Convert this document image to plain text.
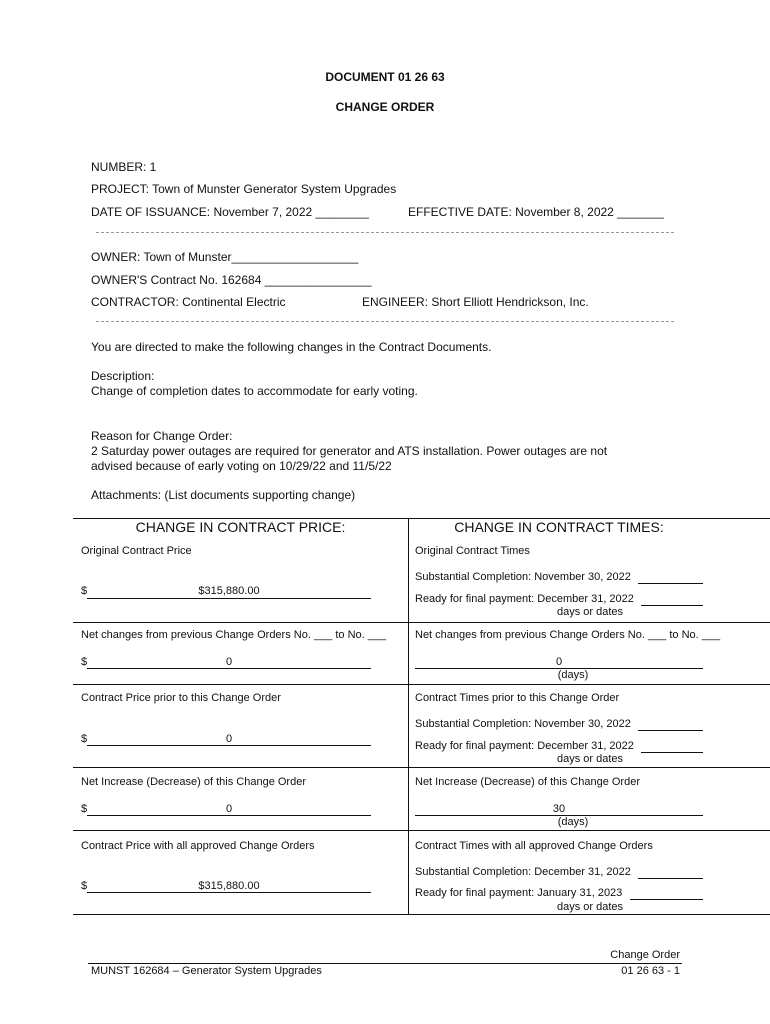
DOCUMENT 01 26 63
CHANGE ORDER
NUMBER: 1
PROJECT: Town of Munster Generator System Upgrades
DATE OF ISSUANCE: November 7, 2022 ________	EFFECTIVE DATE: November 8, 2022 _______
OWNER: Town of Munster___________________
OWNER'S Contract No. 162684 ________________
CONTRACTOR: Continental Electric	ENGINEER: Short Elliott Hendrickson, Inc.
You are directed to make the following changes in the Contract Documents.
Description:
Change of completion dates to accommodate for early voting.
Reason for Change Order:
2 Saturday power outages are required for generator and ATS installation. Power outages are not
advised because of early voting on 10/29/22 and 11/5/22
Attachments: (List documents supporting change)
CHANGE IN CONTRACT PRICE:	CHANGE IN CONTRACT TIMES:
Original Contract Price
$	$315,880.00
Original Contract Times
Substantial Completion: November 30, 2022
Ready for final payment: December 31, 2022
days or dates
Net changes from previous Change Orders No. ___ to No. ___
$	0
Net changes from previous Change Orders No. ___ to No. ___
0
(days)
Contract Price prior to this Change Order
$	0
Contract Times prior to this Change Order
Substantial Completion: November 30, 2022
Ready for final payment: December 31, 2022
days or dates
Net Increase (Decrease) of this Change Order
$	0
Net Increase (Decrease) of this Change Order
30
(days)
Contract Price with all approved Change Orders
$	$315,880.00
Contract Times with all approved Change Orders
Substantial Completion: December 31, 2022
Ready for final payment: January 31, 2023
days or dates
Change Order
MUNST 162684 – Generator System Upgrades	01 26 63 - 1
